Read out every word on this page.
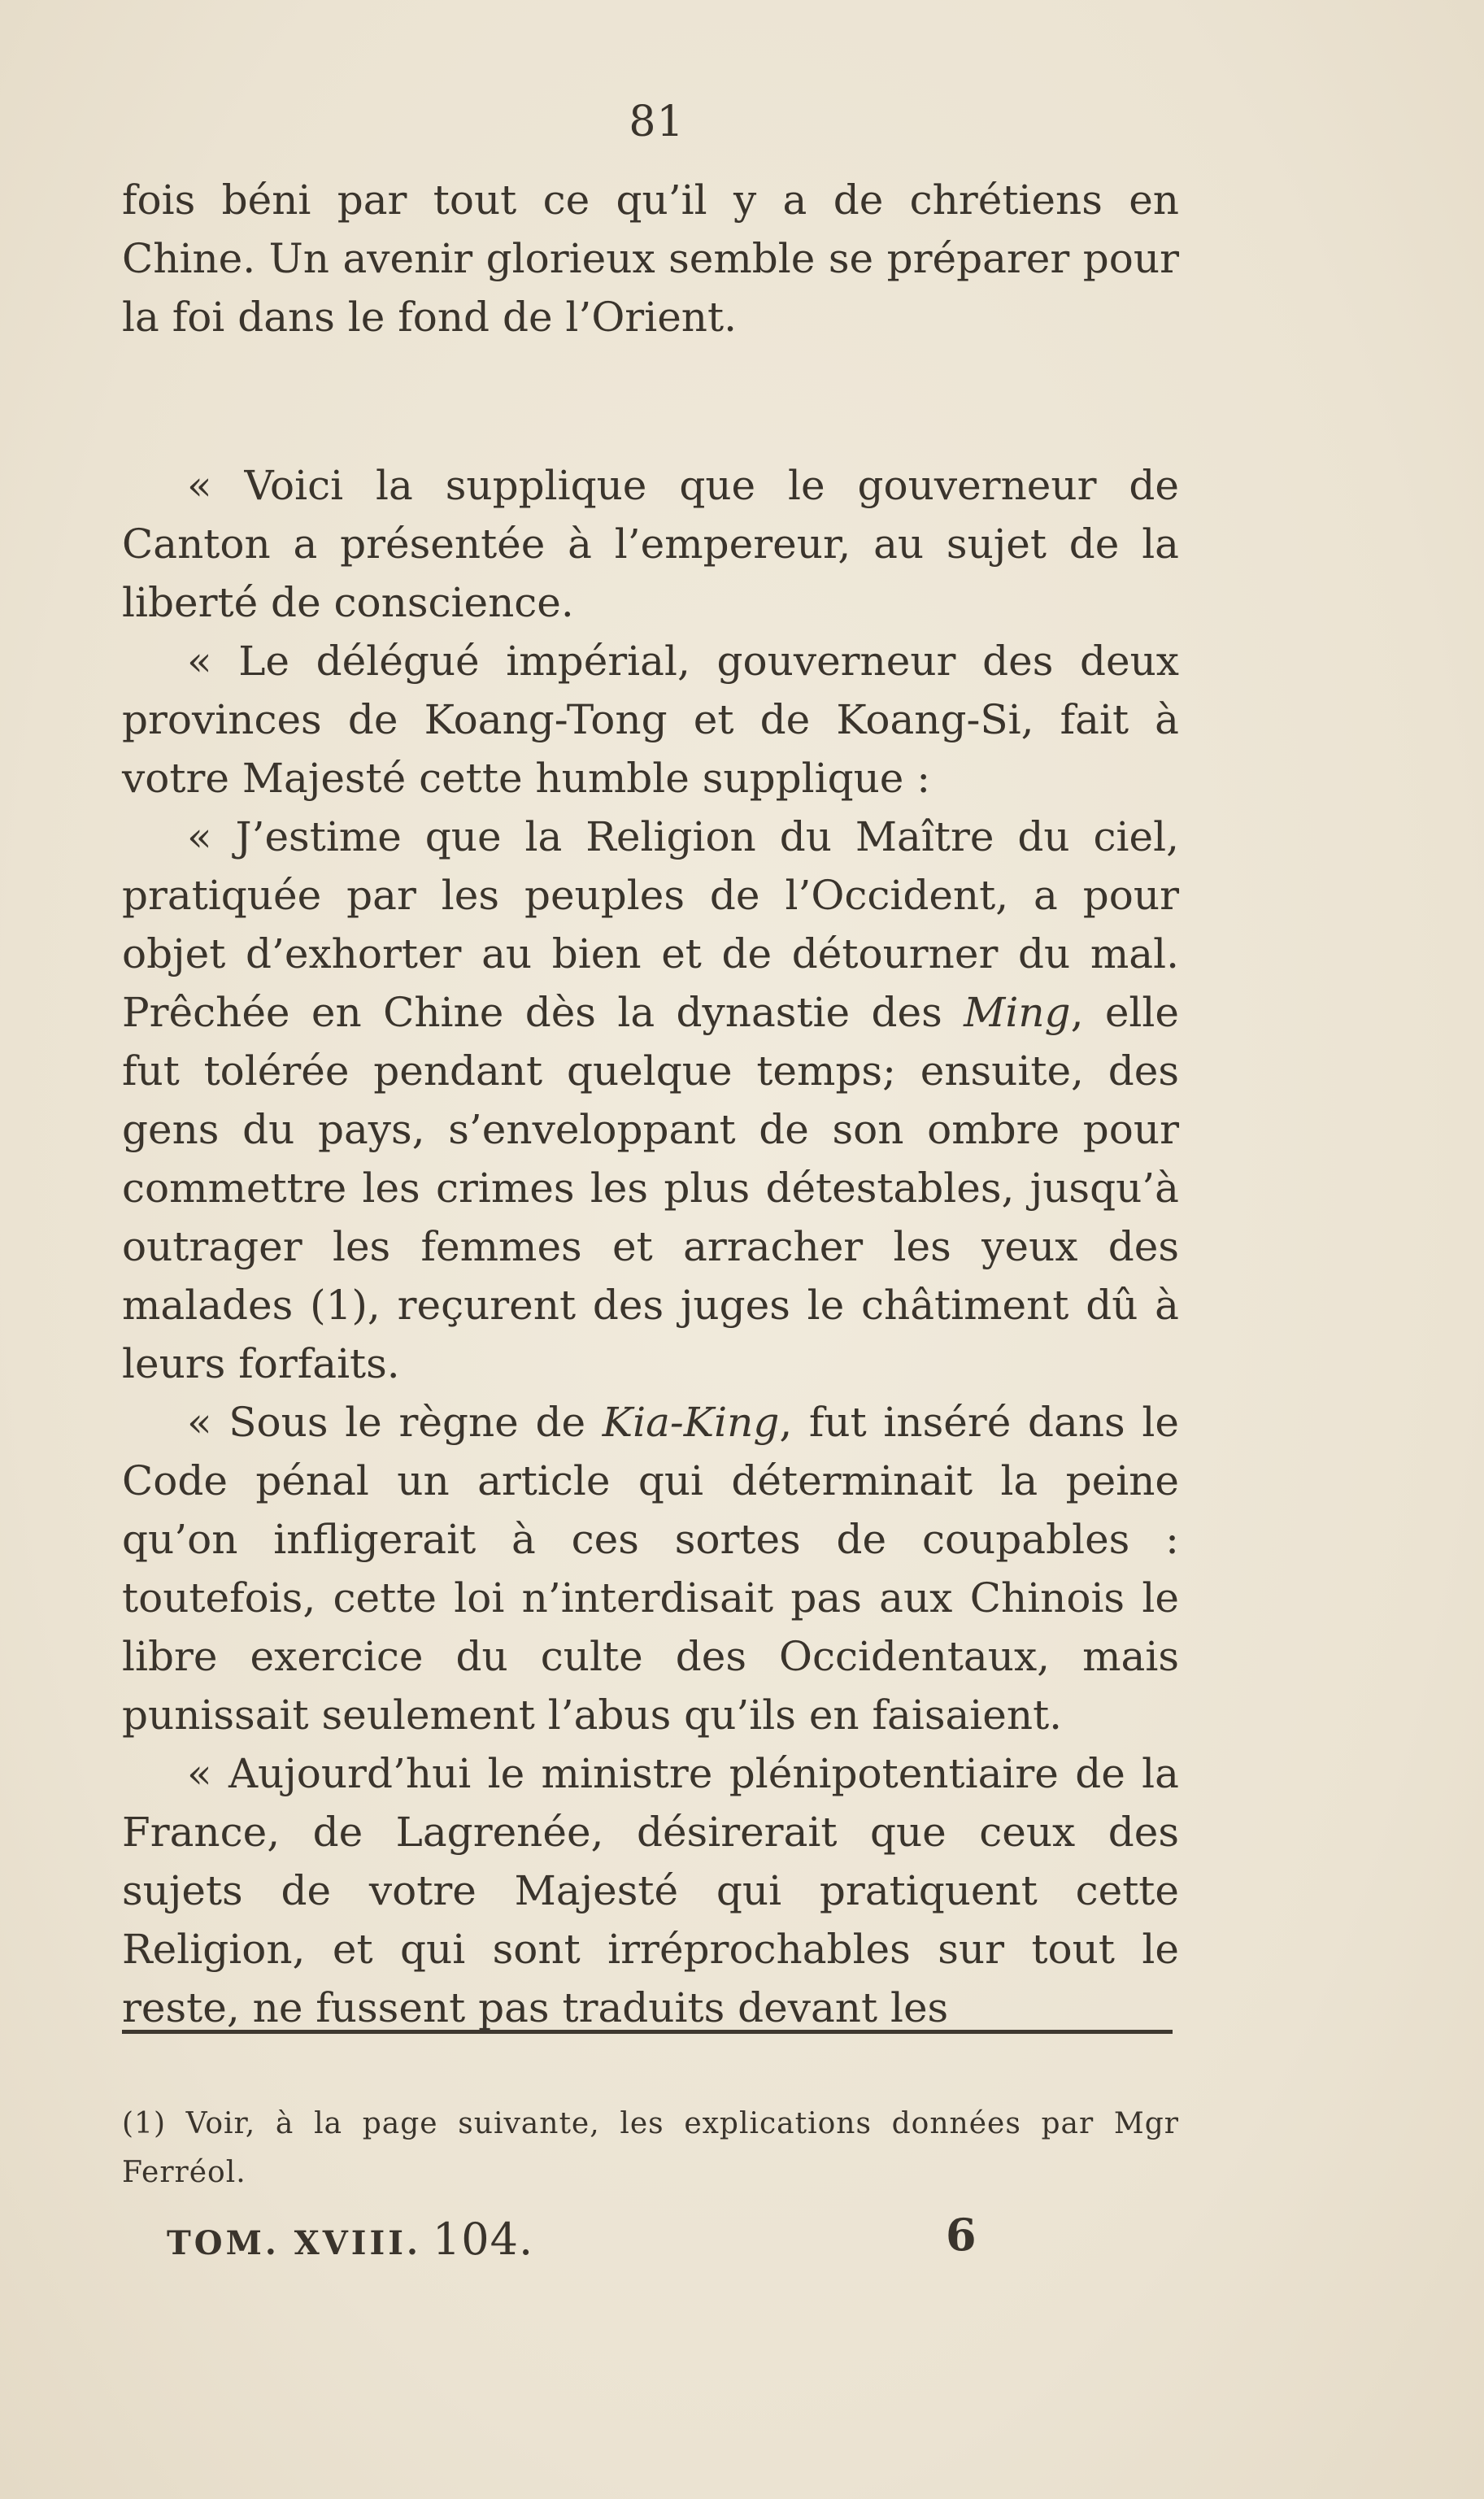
81

fois béni par tout ce qu’il y a de chrétiens en Chine. Un avenir glorieux semble se préparer pour la foi dans le fond de l’Orient.

« Voici la supplique que le gouverneur de Canton a présentée à l’empereur, au sujet de la liberté de conscience.

« Le délégué impérial, gouverneur des deux provinces de Koang-Tong et de Koang-Si, fait à votre Majesté cette humble supplique :

« J’estime que la Religion du Maître du ciel, pratiquée par les peuples de l’Occident, a pour objet d’exhorter au bien et de détourner du mal. Prêchée en Chine dès la dynastie des Ming, elle fut tolérée pendant quelque temps; ensuite, des gens du pays, s’enveloppant de son ombre pour commettre les crimes les plus détestables, jusqu’à outrager les femmes et arracher les yeux des malades (1), reçurent des juges le châtiment dû à leurs forfaits.

« Sous le règne de Kia-King, fut inséré dans le Code pénal un article qui déterminait la peine qu’on infligerait à ces sortes de coupables : toutefois, cette loi n’interdisait pas aux Chinois le libre exercice du culte des Occidentaux, mais punissait seulement l’abus qu’ils en faisaient.

« Aujourd’hui le ministre plénipotentiaire de la France, de Lagrenée, désirerait que ceux des sujets de votre Majesté qui pratiquent cette Religion, et qui sont irréprochables sur tout le reste, ne fussent pas traduits devant les

(1) Voir, à la page suivante, les explications données par Mgr Ferréol.
TOM. XVIII. 104.	6
